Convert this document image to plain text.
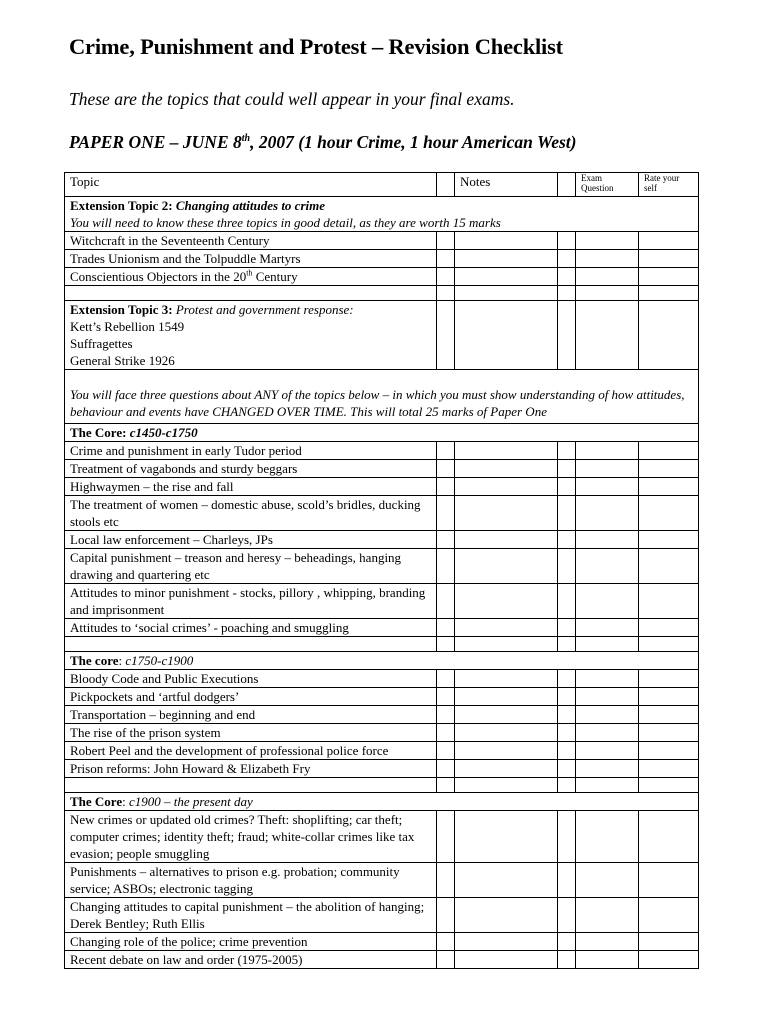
Crime, Punishment and Protest – Revision Checklist
These are the topics that could well appear in your final exams.
PAPER ONE – JUNE 8th, 2007 (1 hour Crime, 1 hour American West)
Topic		Notes		Exam Question	Rate your self

Extension Topic 2: Changing attitudes to crime
You will need to know these three topics in good detail, as they are worth 15 marks					
Witchcraft in the Seventeenth Century					
Trades Unionism and the Tolpuddle Martyrs					
Conscientious Objectors in the 20th Century					

Extension Topic 3: Protest and government response:
Kett’s Rebellion 1549
Suffragettes
General Strike 1926					
You will face three questions about ANY of the topics below – in which you must show understanding of how attitudes, behaviour and events have CHANGED OVER TIME. This will total 25 marks of Paper One					
The Core: c1450-c1750					
Crime and punishment in early Tudor period					
Treatment of vagabonds and sturdy beggars					
Highwaymen – the rise and fall					
The treatment of women – domestic abuse, scold’s bridles, ducking stools etc					
Local law enforcement – Charleys, JPs					
Capital punishment – treason and heresy – beheadings, hanging drawing and quartering etc					
Attitudes to minor punishment - stocks, pillory , whipping, branding and imprisonment					
Attitudes to ‘social crimes’ - poaching and smuggling					

The core: c1750-c1900					
Bloody Code and Public Executions					
Pickpockets and ‘artful dodgers’					
Transportation – beginning and end					
The rise of the prison system					
Robert Peel and the development of professional police force					
Prison reforms: John Howard & Elizabeth Fry					

The Core: c1900 – the present day					
New crimes or updated old crimes? Theft: shoplifting; car theft; computer crimes; identity theft; fraud; white-collar crimes like tax evasion; people smuggling					
Punishments – alternatives to prison e.g. probation; community service; ASBOs; electronic tagging					
Changing attitudes to capital punishment – the abolition of hanging; Derek Bentley; Ruth Ellis					
Changing role of the police; crime prevention					
Recent debate on law and order (1975-2005)					
